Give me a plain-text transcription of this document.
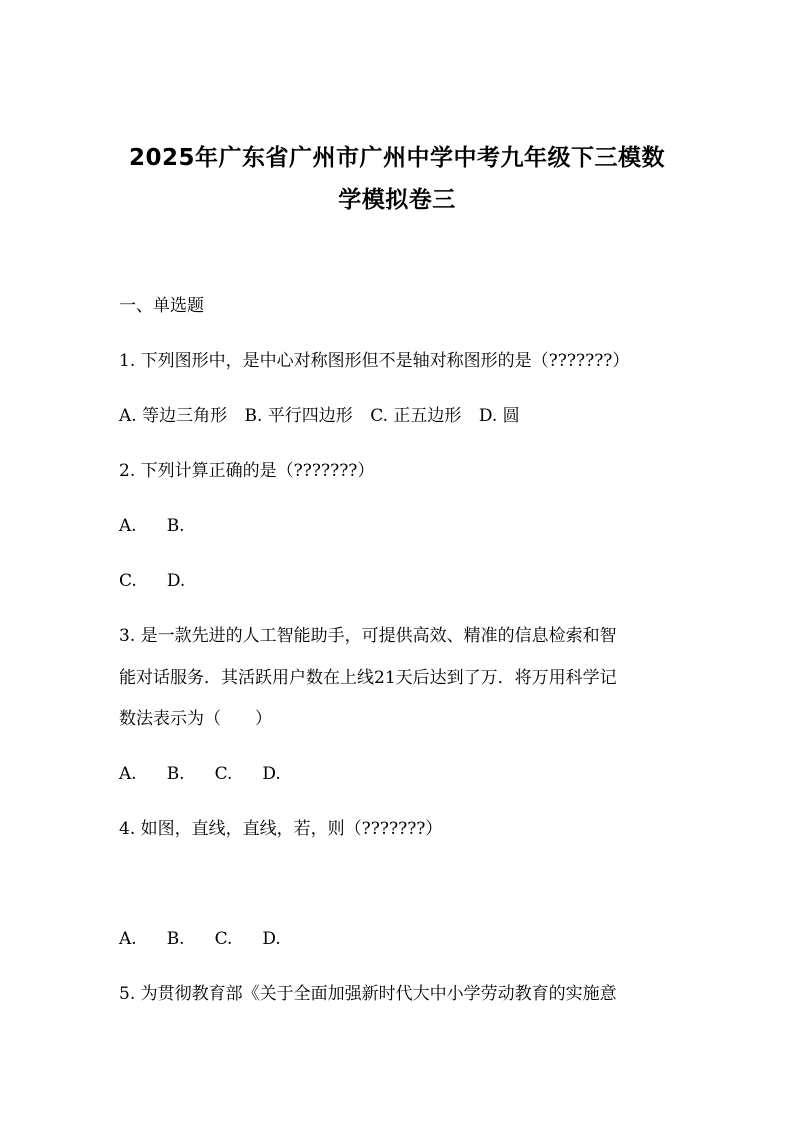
2025年广东省广州市广州中学中考九年级下三模数
学模拟卷三
一、单选题
1. 下列图形中，是中心对称图形但不是轴对称图形的是（???????）
A. 等边三角形 B. 平行四边形 C. 正五边形 D. 圆
2. 下列计算正确的是（???????）
A. B.
C. D.
3. 是一款先进的人工智能助手，可提供高效、精准的信息检索和智
能对话服务．其活跃用户数在上线21天后达到了万．将万用科学记
数法表示为（　　）
A. B. C. D.
4. 如图，直线，直线，若，则（???????）
A. B. C. D.
5. 为贯彻教育部《关于全面加强新时代大中小学劳动教育的实施意
